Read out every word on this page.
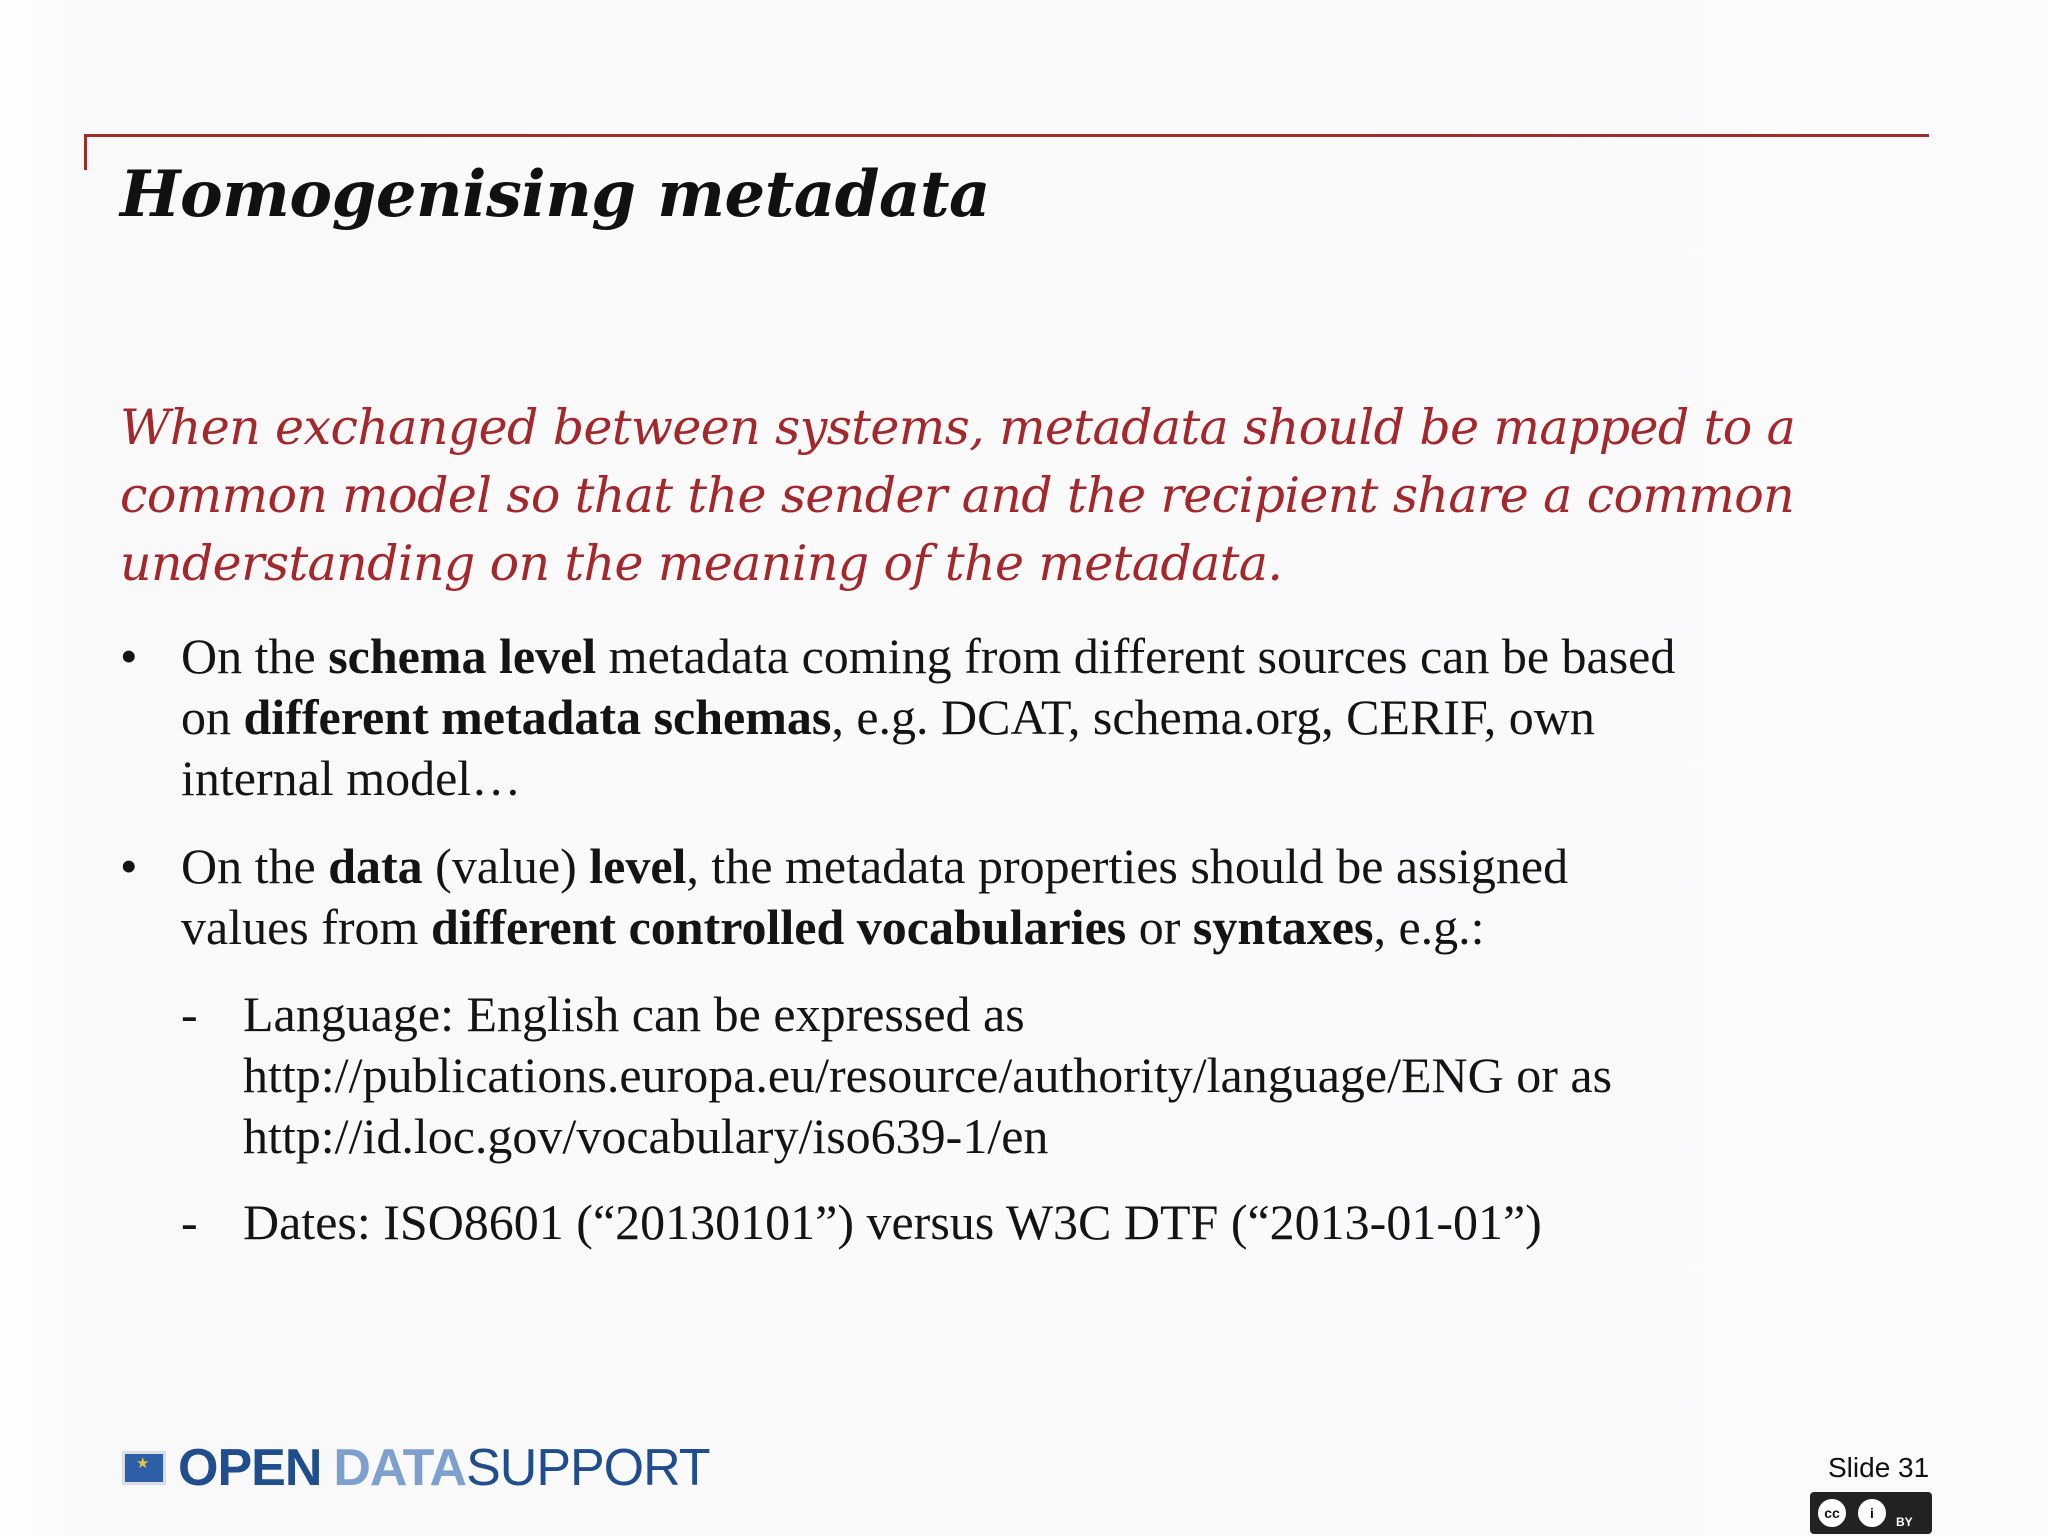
Homogenising metadata
When exchanged between systems, metadata should be mapped to a
common model so that the sender and the recipient share a common
understanding on the meaning of the metadata.
• On the schema level metadata coming from different sources can be based
on different metadata schemas, e.g. DCAT, schema.org, CERIF, own
internal model…
• On the data (value) level, the metadata properties should be assigned
values from different controlled vocabularies or syntaxes, e.g.:
- Language: English can be expressed as
http://publications.europa.eu/resource/authority/language/ENG or as
http://id.loc.gov/vocabulary/iso639-1/en
- Dates: ISO8601 (“20130101”) versus W3C DTF (“2013-01-01”)
★
OPEN DATA SUPPORT	Slide 31
cc	i
BY
